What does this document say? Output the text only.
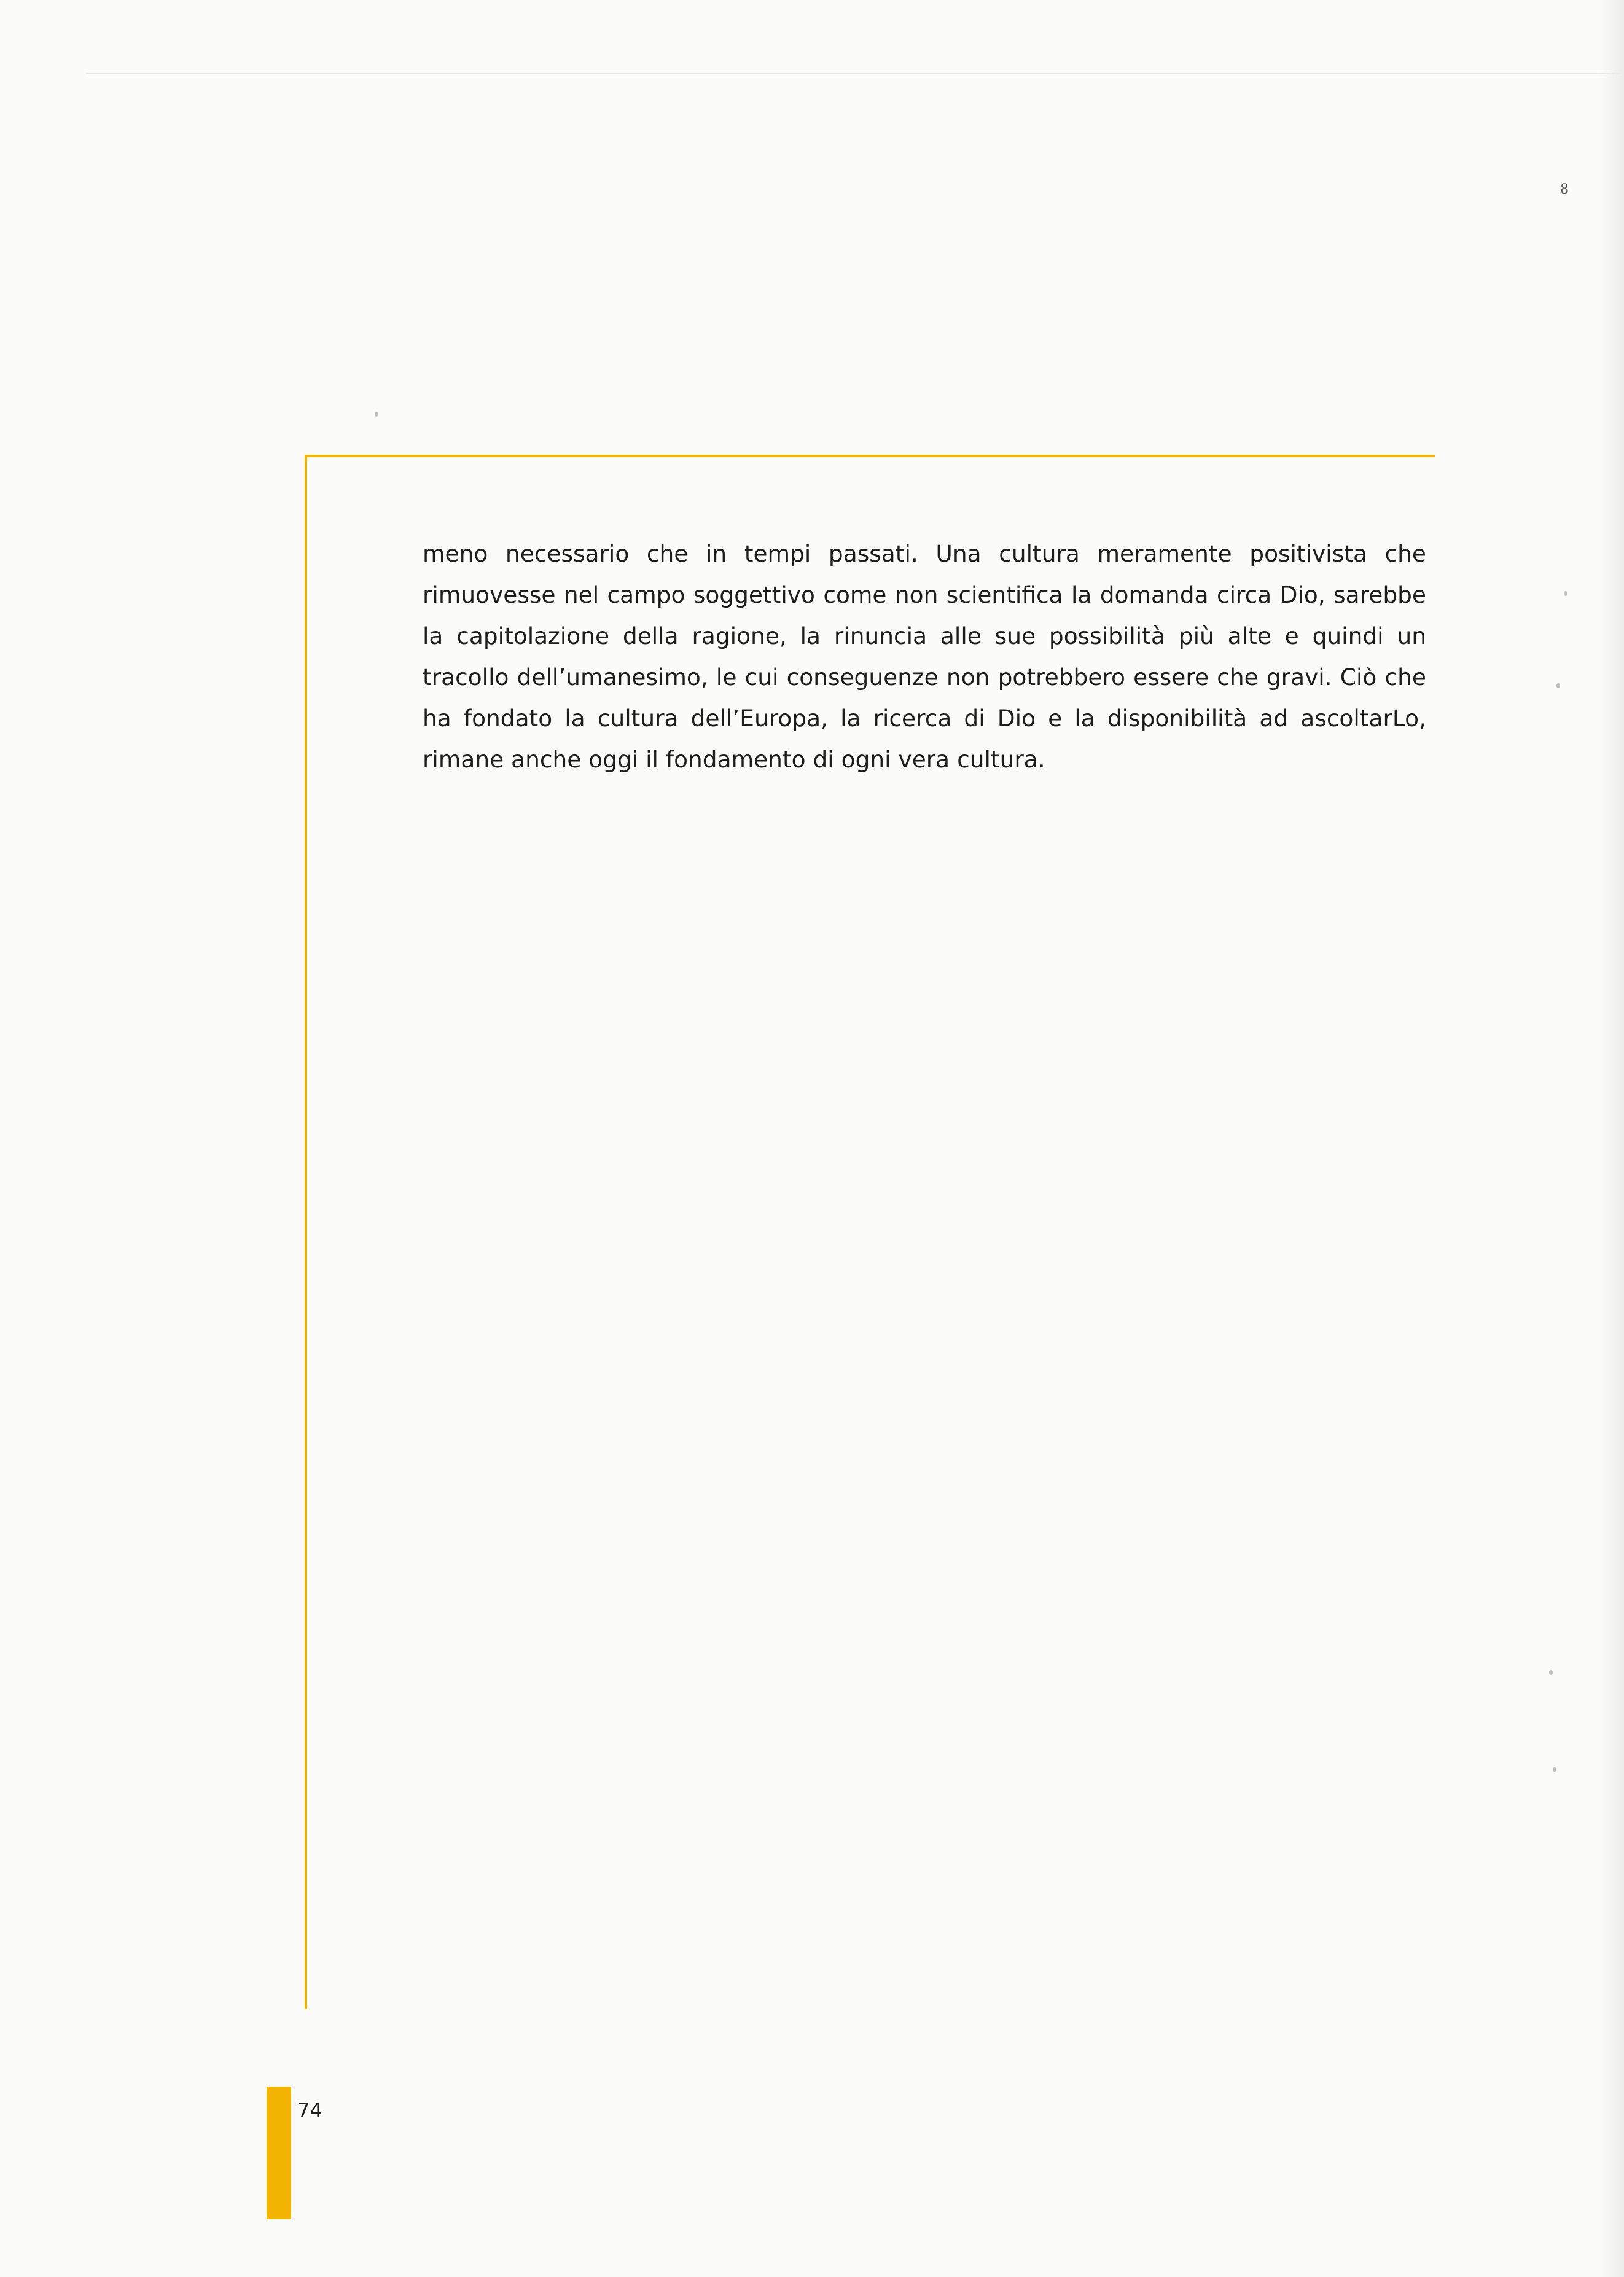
8

meno necessario che in tempi passati. Una cultura meramente positivista che rimuovesse nel campo soggettivo come non scientifica la domanda circa Dio, sarebbe la capitolazione della ragione, la rinuncia alle sue possibilità più alte e quindi un tracollo dell’umanesimo, le cui conseguenze non potrebbero essere che gravi. Ciò che ha fondato la cultura dell’Europa, la ricerca di Dio e la disponibilità ad ascoltarLo, rimane anche oggi il fondamento di ogni vera cultura.

74
